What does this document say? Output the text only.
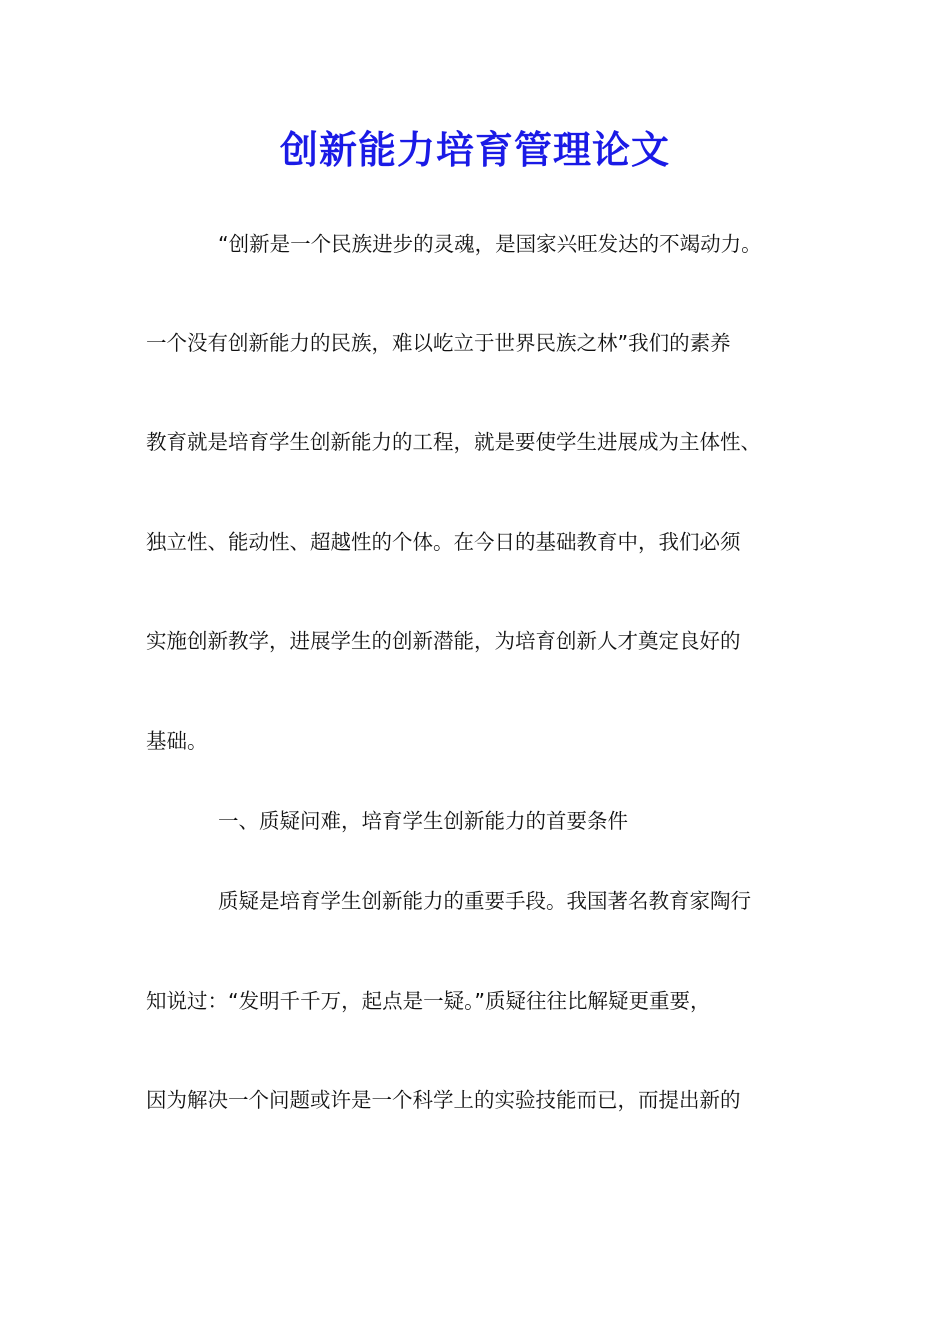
创新能力培育管理论文

“创新是一个民族进步的灵魂，是国家兴旺发达的不竭动力。

一个没有创新能力的民族，难以屹立于世界民族之林”我们的素养

教育就是培育学生创新能力的工程，就是要使学生进展成为主体性、

独立性、能动性、超越性的个体。在今日的基础教育中，我们必须

实施创新教学，进展学生的创新潜能，为培育创新人才奠定良好的

基础。

一、质疑问难，培育学生创新能力的首要条件

质疑是培育学生创新能力的重要手段。我国著名教育家陶行

知说过：“发明千千万，起点是一疑。”质疑往往比解疑更重要，

因为解决一个问题或许是一个科学上的实验技能而已，而提出新的
